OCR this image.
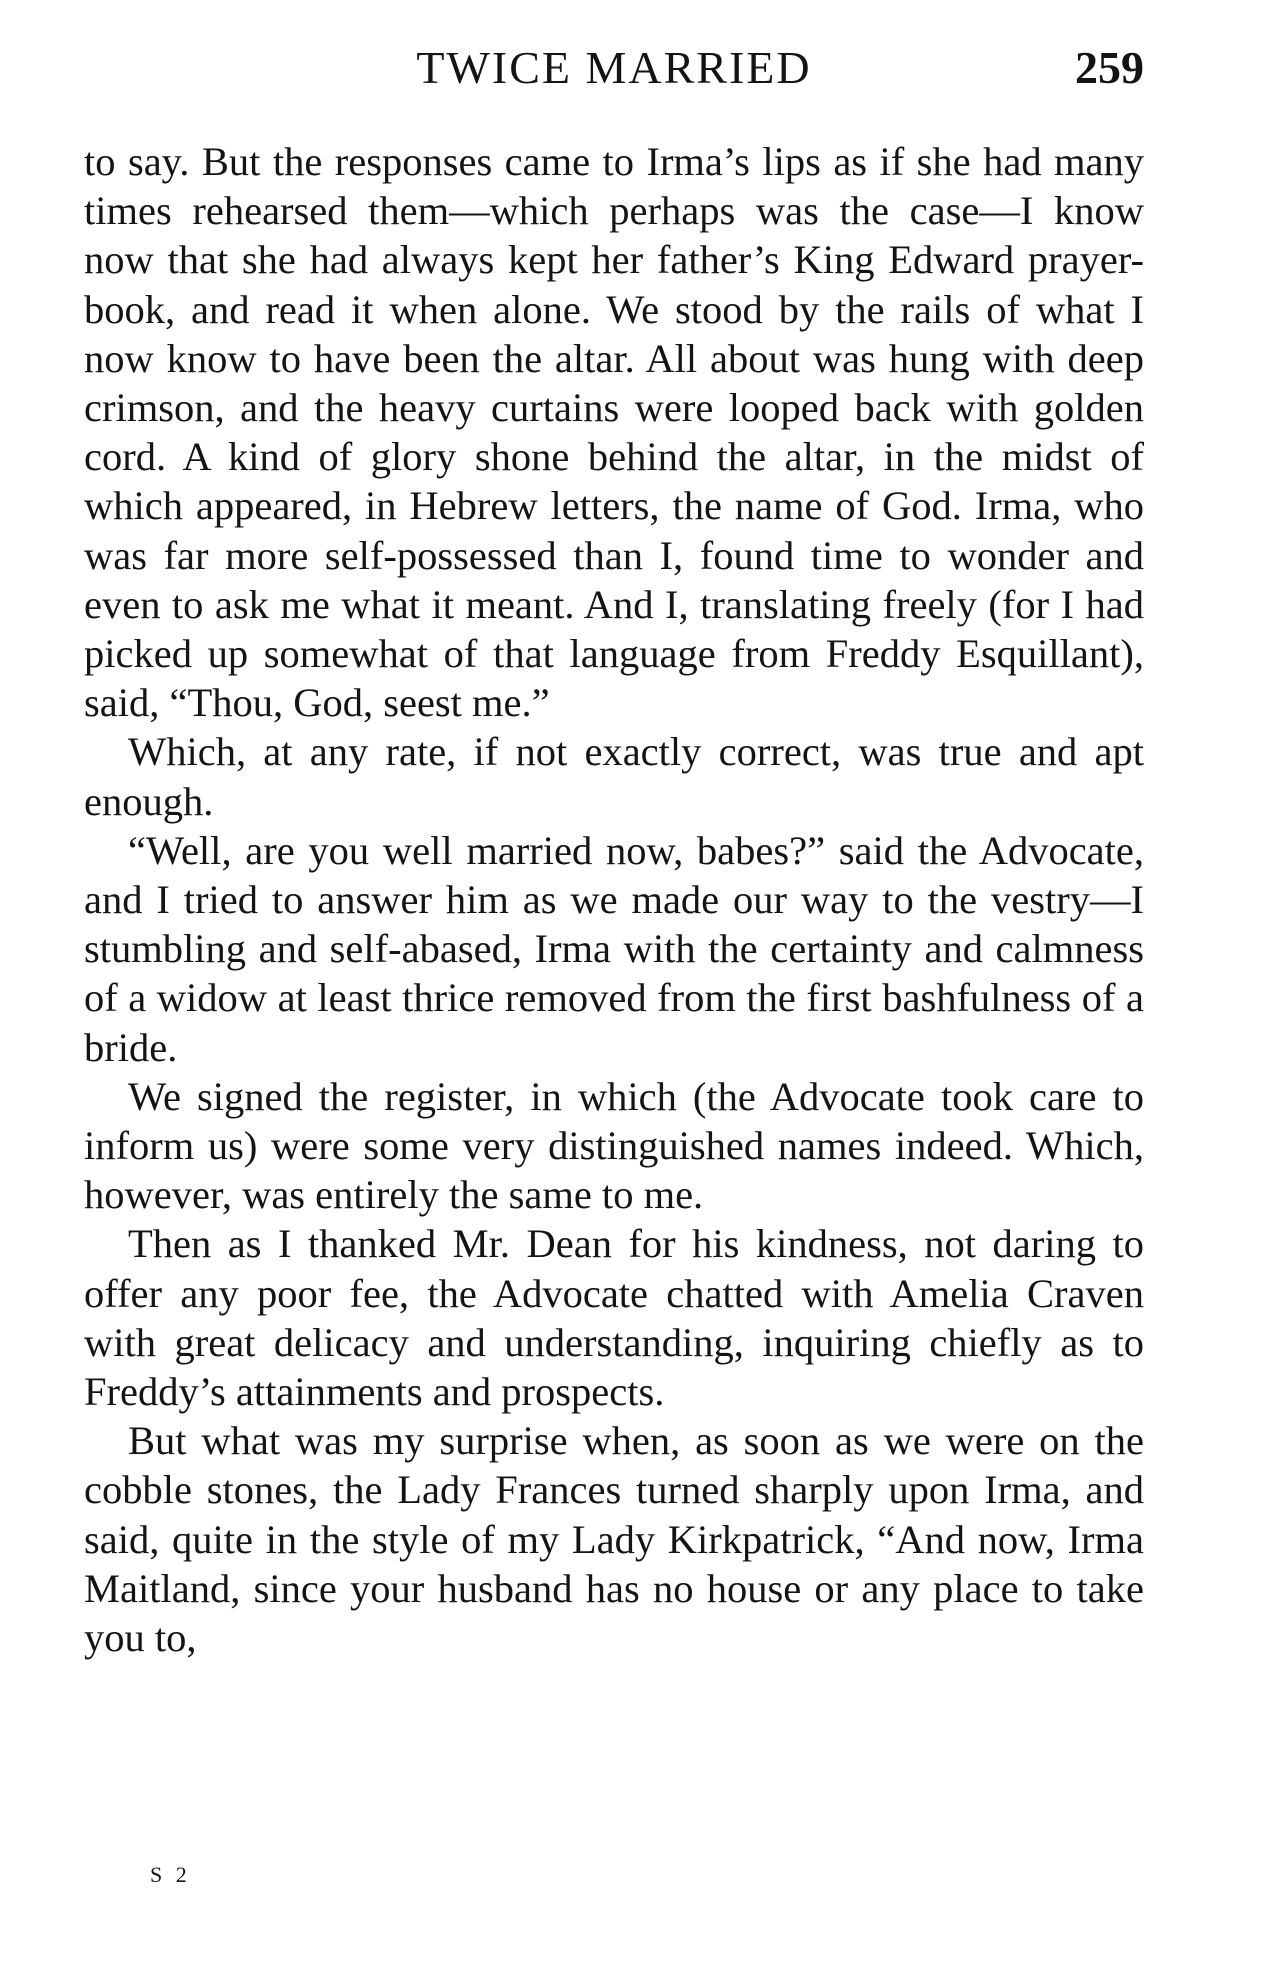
TWICE MARRIED	259

to say. But the responses came to Irma’s lips as if she had many times rehearsed them—which perhaps was the case—I know now that she had always kept her father’s King Edward prayer-book, and read it when alone. We stood by the rails of what I now know to have been the altar. All about was hung with deep crimson, and the heavy curtains were looped back with golden cord. A kind of glory shone behind the altar, in the midst of which appeared, in Hebrew letters, the name of God. Irma, who was far more self-possessed than I, found time to wonder and even to ask me what it meant. And I, translating freely (for I had picked up somewhat of that language from Freddy Esquillant), said, “Thou, God, seest me.”

Which, at any rate, if not exactly correct, was true and apt enough.

“Well, are you well married now, babes?” said the Advocate, and I tried to answer him as we made our way to the vestry—I stumbling and self-abased, Irma with the certainty and calmness of a widow at least thrice removed from the first bashfulness of a bride.

We signed the register, in which (the Advocate took care to inform us) were some very distinguished names indeed. Which, however, was entirely the same to me.

Then as I thanked Mr. Dean for his kindness, not daring to offer any poor fee, the Advocate chatted with Amelia Craven with great delicacy and understanding, inquiring chiefly as to Freddy’s attainments and prospects.

But what was my surprise when, as soon as we were on the cobble stones, the Lady Frances turned sharply upon Irma, and said, quite in the style of my Lady Kirkpatrick, “And now, Irma Maitland, since your husband has no house or any place to take you to,

S 2
